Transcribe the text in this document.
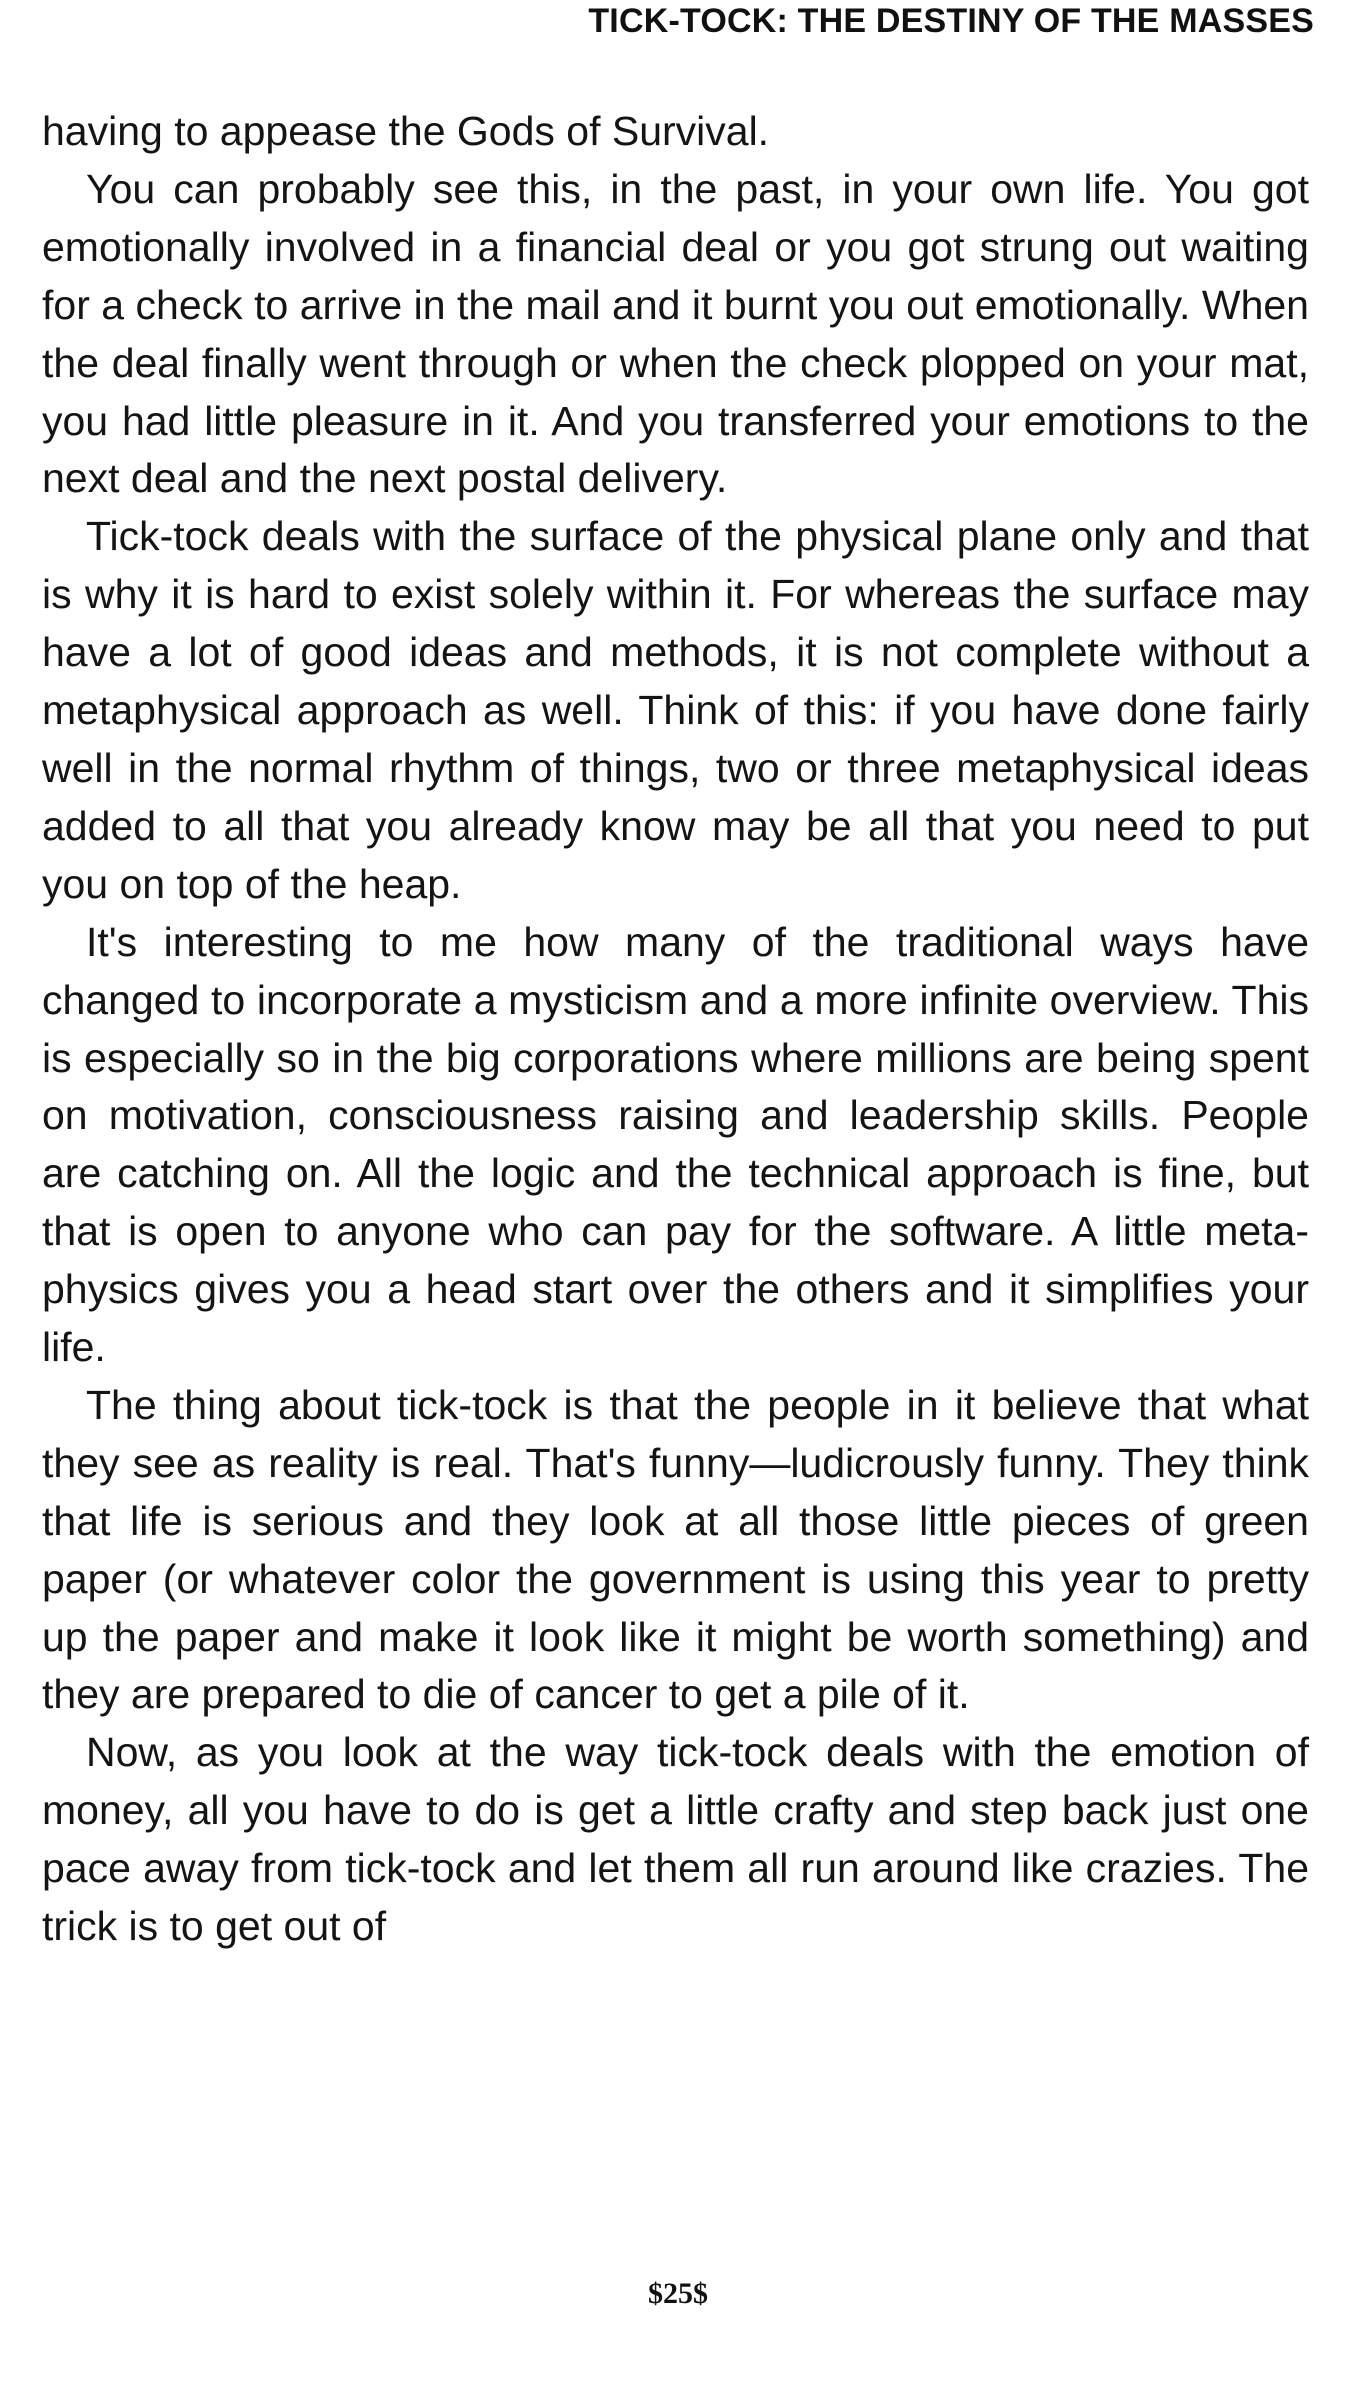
TICK-TOCK: THE DESTINY OF THE MASSES

having to appease the Gods of Survival.

You can probably see this, in the past, in your own life. You got emotionally involved in a financial deal or you got strung out waiting for a check to arrive in the mail and it burnt you out emotionally. When the deal finally went through or when the check plopped on your mat, you had little pleasure in it. And you transferred your emotions to the next deal and the next postal delivery.

Tick-tock deals with the surface of the physical plane only and that is why it is hard to exist solely within it. For whereas the surface may have a lot of good ideas and methods, it is not complete without a metaphysical approach as well. Think of this: if you have done fairly well in the normal rhythm of things, two or three metaphysical ideas added to all that you already know may be all that you need to put you on top of the heap.

It's interesting to me how many of the traditional ways have changed to incorporate a mysticism and a more infinite overview. This is especially so in the big corporations where millions are being spent on motivation, consciousness raising and leadership skills. People are catching on. All the logic and the technical approach is fine, but that is open to anyone who can pay for the software. A little metaphysics gives you a head start over the others and it simplifies your life.

The thing about tick-tock is that the people in it believe that what they see as reality is real. That's funny—ludicrously funny. They think that life is serious and they look at all those little pieces of green paper (or whatever color the government is using this year to pretty up the paper and make it look like it might be worth something) and they are prepared to die of cancer to get a pile of it.

Now, as you look at the way tick-tock deals with the emotion of money, all you have to do is get a little crafty and step back just one pace away from tick-tock and let them all run around like crazies. The trick is to get out of

$25$
